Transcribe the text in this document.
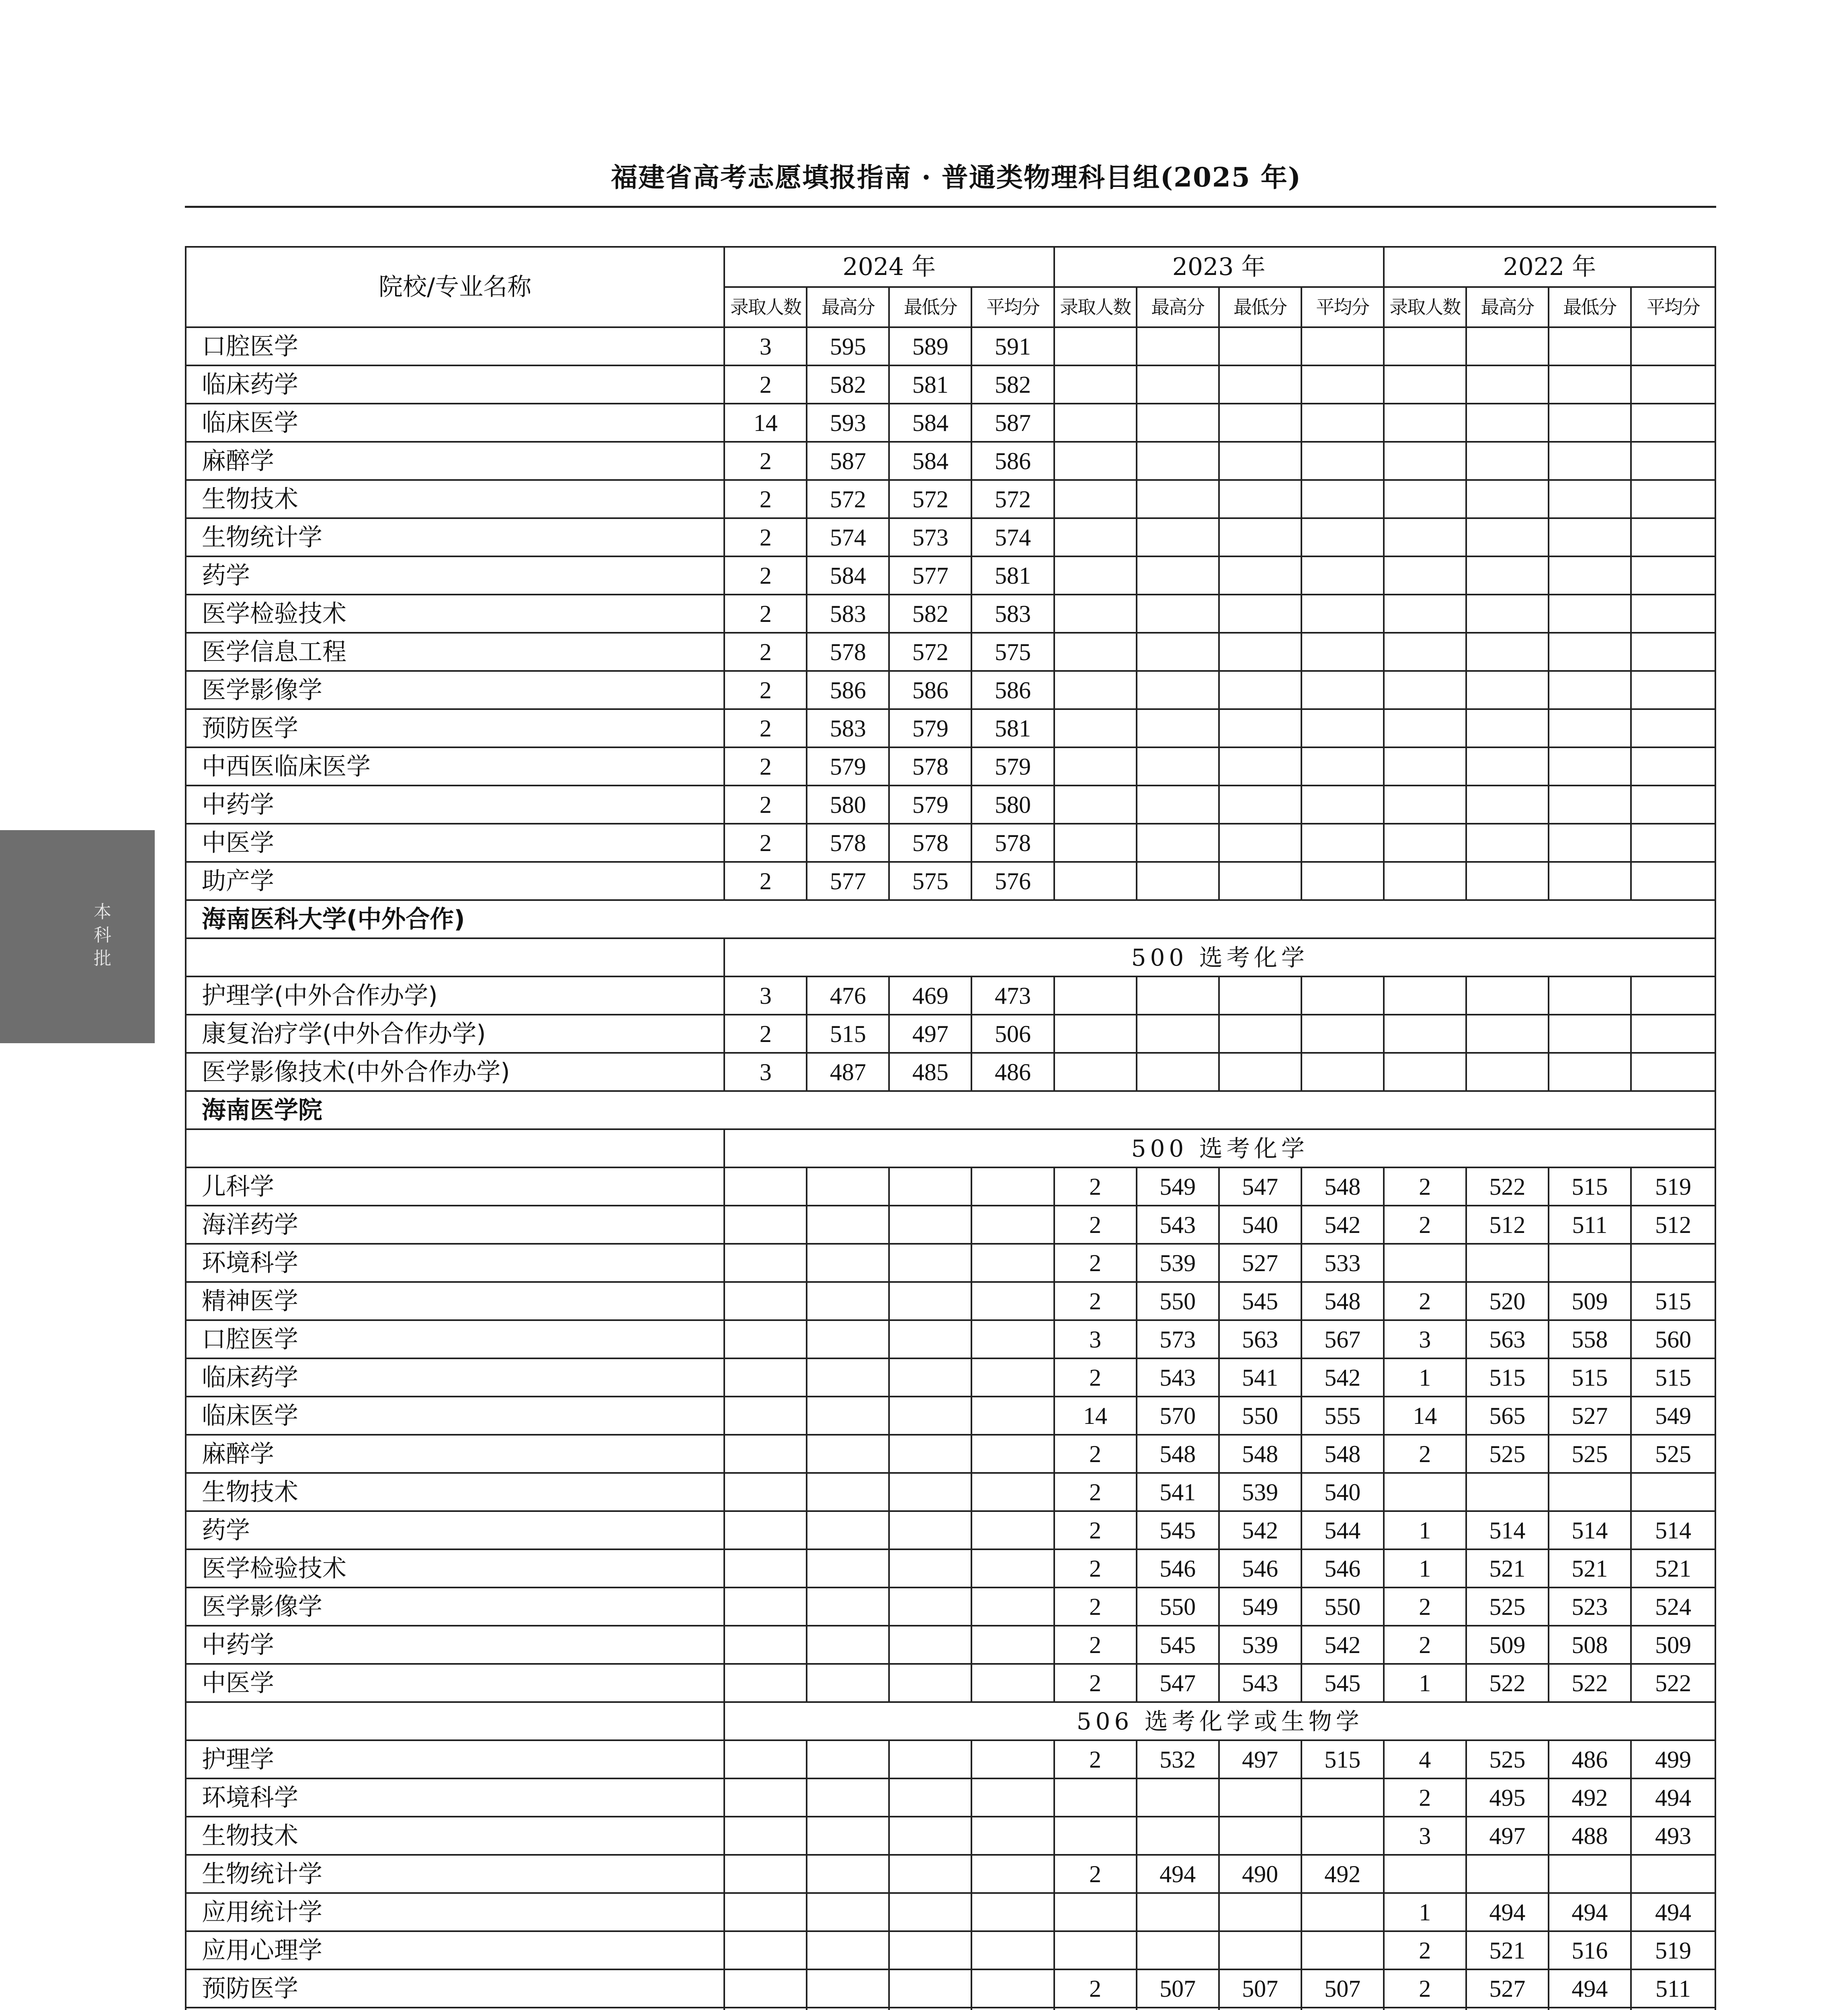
福建省高考志愿填报指南 · 普通类物理科目组(2025 年)
本科批
院校/专业名称	2024 年				2023 年				2022 年			
	录取人数	最高分	最低分	平均分	录取人数	最高分	最低分	平均分	录取人数	最高分	最低分	平均分
口腔医学	3	595	589	591								
临床药学	2	582	581	582								
临床医学	14	593	584	587								
麻醉学	2	587	584	586								
生物技术	2	572	572	572								
生物统计学	2	574	573	574								
药学	2	584	577	581								
医学检验技术	2	583	582	583								
医学信息工程	2	578	572	575								
医学影像学	2	586	586	586								
预防医学	2	583	579	581								
中西医临床医学	2	579	578	579								
中药学	2	580	579	580								
中医学	2	578	578	578								
助产学	2	577	575	576								
海南医科大学(中外合作)												
	500 选考化学											
护理学(中外合作办学)	3	476	469	473								
康复治疗学(中外合作办学)	2	515	497	506								
医学影像技术(中外合作办学)	3	487	485	486								
海南医学院												
	500 选考化学											
儿科学					2	549	547	548	2	522	515	519
海洋药学					2	543	540	542	2	512	511	512
环境科学					2	539	527	533				
精神医学					2	550	545	548	2	520	509	515
口腔医学					3	573	563	567	3	563	558	560
临床药学					2	543	541	542	1	515	515	515
临床医学					14	570	550	555	14	565	527	549
麻醉学					2	548	548	548	2	525	525	525
生物技术					2	541	539	540				
药学					2	545	542	544	1	514	514	514
医学检验技术					2	546	546	546	1	521	521	521
医学影像学					2	550	549	550	2	525	523	524
中药学					2	545	539	542	2	509	508	509
中医学					2	547	543	545	1	522	522	522
	506 选考化学或生物学											
护理学					2	532	497	515	4	525	486	499
环境科学									2	495	492	494
生物技术									3	497	488	493
生物统计学					2	494	490	492				
应用统计学									1	494	494	494
应用心理学									2	521	516	519
预防医学					2	507	507	507	2	527	494	511
